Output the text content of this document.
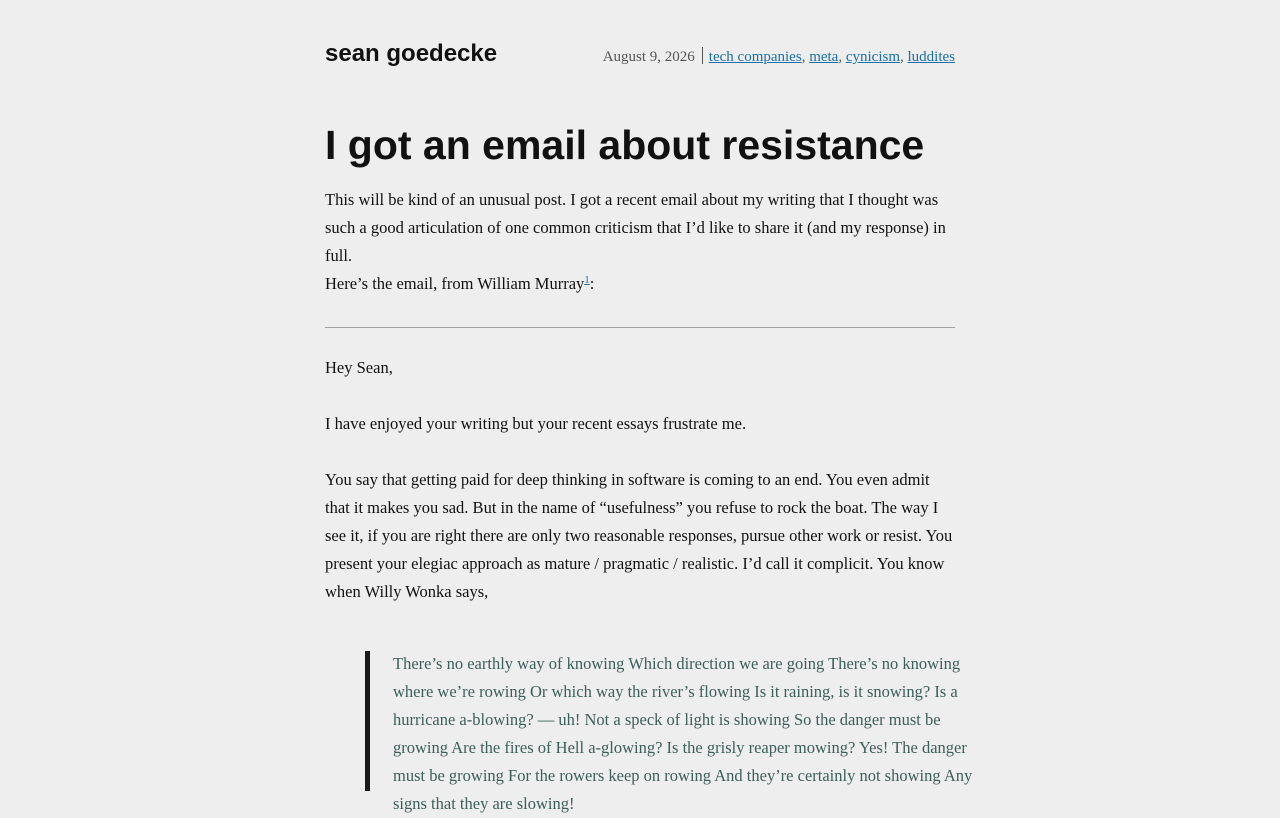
sean goedecke	August 9, 2026 tech companies, meta, cynicism, luddites
I got an email about resistance

This will be kind of an unusual post. I got a recent email about my writing that I thought was such a good articulation of one common criticism that I’d like to share it (and my response) in full.

Here’s the email, from William Murray$^1$:

Hey Sean,

I have enjoyed your writing but your recent essays frustrate me.

You say that getting paid for deep thinking in software is coming to an end. You even admit that it makes you sad. But in the name of “usefulness” you refuse to rock the boat. The way I see it, if you are right there are only two reasonable responses, pursue other work or resist. You present your elegiac approach as mature / pragmatic / realistic. I’d call it complicit. You know when Willy Wonka says,

There’s no earthly way of knowing Which direction we are going There’s no knowing where we’re rowing Or which way the river’s flowing Is it raining, is it snowing? Is a hurricane a-blowing? — uh! Not a speck of light is showing So the danger must be growing Are the fires of Hell a-glowing? Is the grisly reaper mowing? Yes! The danger must be growing For the rowers keep on rowing And they’re certainly not showing Any signs that they are slowing!
